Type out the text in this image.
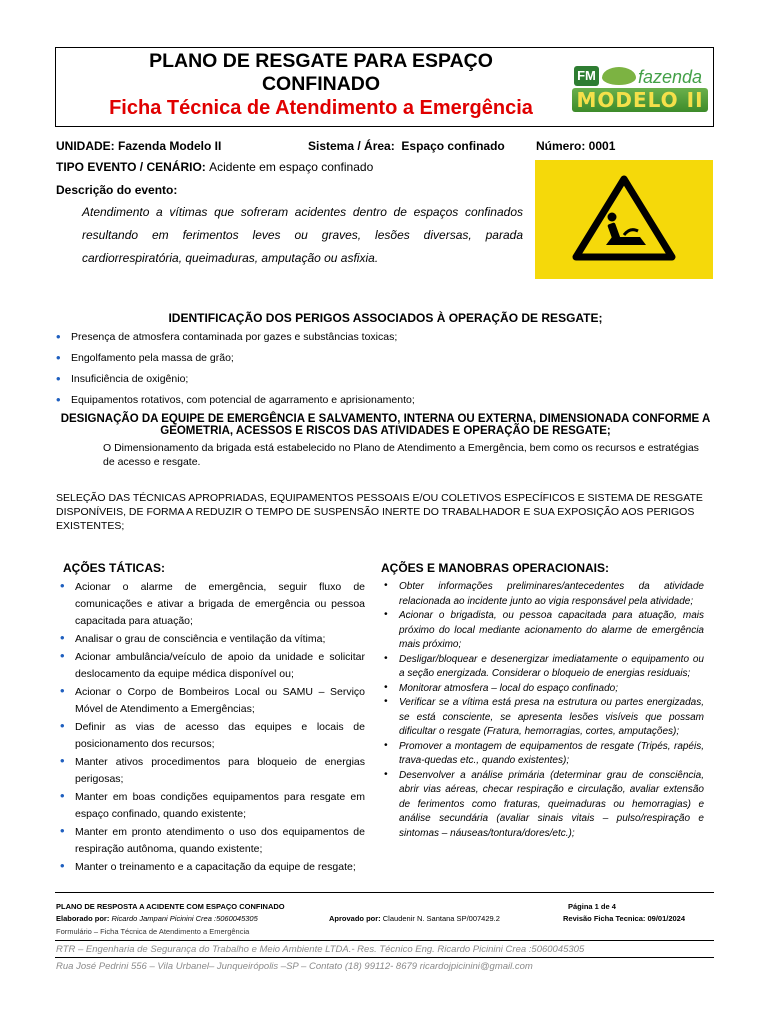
PLANO DE RESGATE PARA ESPAÇO
CONFINADO
Ficha Técnica de Atendimento a Emergência
FM fazenda
MODELO II
UNIDADE: Fazenda Modelo II	Sistema / Área: Espaço confinado	Número: 0001
TIPO EVENTO / CENÁRIO: Acidente em espaço confinado
Descrição do evento:
Atendimento a vítimas que sofreram acidentes dentro de espaços confinados resultando em ferimentos leves ou graves, lesões diversas, parada cardiorrespiratória, queimaduras, amputação ou asfixia.
IDENTIFICAÇÃO DOS PERIGOS ASSOCIADOS À OPERAÇÃO DE RESGATE;
• Presença de atmosfera contaminada por gazes e substâncias toxicas;
• Engolfamento pela massa de grão;
• Insuficiência de oxigênio;
• Equipamentos rotativos, com potencial de agarramento e aprisionamento;
DESIGNAÇÃO DA EQUIPE DE EMERGÊNCIA E SALVAMENTO, INTERNA OU EXTERNA, DIMENSIONADA CONFORME A
GEOMETRIA, ACESSOS E RISCOS DAS ATIVIDADES E OPERAÇÃO DE RESGATE;
O Dimensionamento da brigada está estabelecido no Plano de Atendimento a Emergência, bem como os recursos e estratégias de acesso e resgate.
SELEÇÃO DAS TÉCNICAS APROPRIADAS, EQUIPAMENTOS PESSOAIS E/OU COLETIVOS ESPECÍFICOS E SISTEMA DE RESGATE DISPONÍVEIS, DE FORMA A REDUZIR O TEMPO DE SUSPENSÃO INERTE DO TRABALHADOR E SUA EXPOSIÇÃO AOS PERIGOS EXISTENTES;
AÇÕES TÁTICAS:
• Acionar o alarme de emergência, seguir fluxo de comunicações e ativar a brigada de emergência ou pessoa capacitada para atuação;
• Analisar o grau de consciência e ventilação da vítima;
• Acionar ambulância/veículo de apoio da unidade e solicitar deslocamento da equipe médica disponível ou;
• Acionar o Corpo de Bombeiros Local ou SAMU – Serviço Móvel de Atendimento a Emergências;
• Definir as vias de acesso das equipes e locais de posicionamento dos recursos;
• Manter ativos procedimentos para bloqueio de energias perigosas;
• Manter em boas condições equipamentos para resgate em espaço confinado, quando existente;
• Manter em pronto atendimento o uso dos equipamentos de respiração autônoma, quando existente;
• Manter o treinamento e a capacitação da equipe de resgate;
AÇÕES E MANOBRAS OPERACIONAIS:
• Obter informações preliminares/antecedentes da atividade relacionada ao incidente junto ao vigia responsável pela atividade;
• Acionar o brigadista, ou pessoa capacitada para atuação, mais próximo do local mediante acionamento do alarme de emergência mais próximo;
• Desligar/bloquear e desenergizar imediatamente o equipamento ou a seção energizada. Considerar o bloqueio de energias residuais;
• Monitorar atmosfera – local do espaço confinado;
• Verificar se a vítima está presa na estrutura ou partes energizadas, se está consciente, se apresenta lesões visíveis que possam dificultar o resgate (Fratura, hemorragias, cortes, amputações);
• Promover a montagem de equipamentos de resgate (Tripés, rapéis, trava-quedas etc., quando existentes);
• Desenvolver a análise primária (determinar grau de consciência, abrir vias aéreas, checar respiração e circulação, avaliar extensão de ferimentos como fraturas, queimaduras ou hemorragias) e análise secundária (avaliar sinais vitais – pulso/respiração e sintomas – náuseas/tontura/dores/etc.);
PLANO DE RESPOSTA A ACIDENTE COM ESPAÇO CONFINADO	Página 1 de 4
Elaborado por: Ricardo Jampani Picinini Crea :5060045305	Aprovado por: Claudenir N. Santana SP/007429.2	Revisão Ficha Tecnica: 09/01/2024
Formulário – Ficha Técnica de Atendimento a Emergência
RTR – Engenharia de Segurança do Trabalho e Meio Ambiente LTDA.- Res. Técnico Eng. Ricardo Picinini Crea :5060045305
Rua José Pedrini 556 – Vila Urbanel– Junqueirópolis –SP – Contato (18) 99112- 8679 ricardojpicinini@gmail.com
